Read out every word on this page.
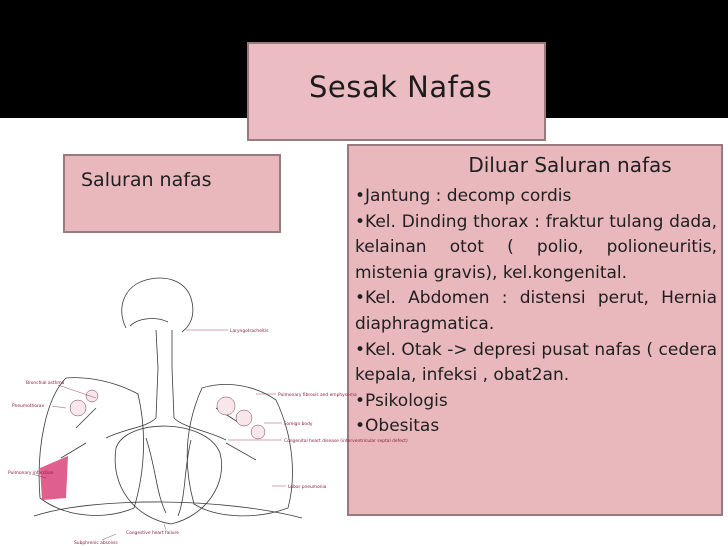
Sesak Nafas
Saluran nafas
Diluar Saluran nafas
•Jantung : decomp cordis
•Kel. Dinding thorax : fraktur tulang dada, kelainan otot ( polio, polioneuritis, mistenia gravis), kel.kongenital.
•Kel. Abdomen : distensi perut, Hernia diaphragmatica.
•Kel. Otak -> depresi pusat nafas ( cedera kepala, infeksi , obat2an.
•Psikologis
•Obesitas
Laryngotracheitis
Bronchial asthma
Pneumothorax
Pulmonary infarction
Pulmonary fibrosis and emphysema
Foreign body
Congenital heart disease (interventricular septal defect)
Lobar pneumonia
Congestive heart failure
Subphrenic abscess
